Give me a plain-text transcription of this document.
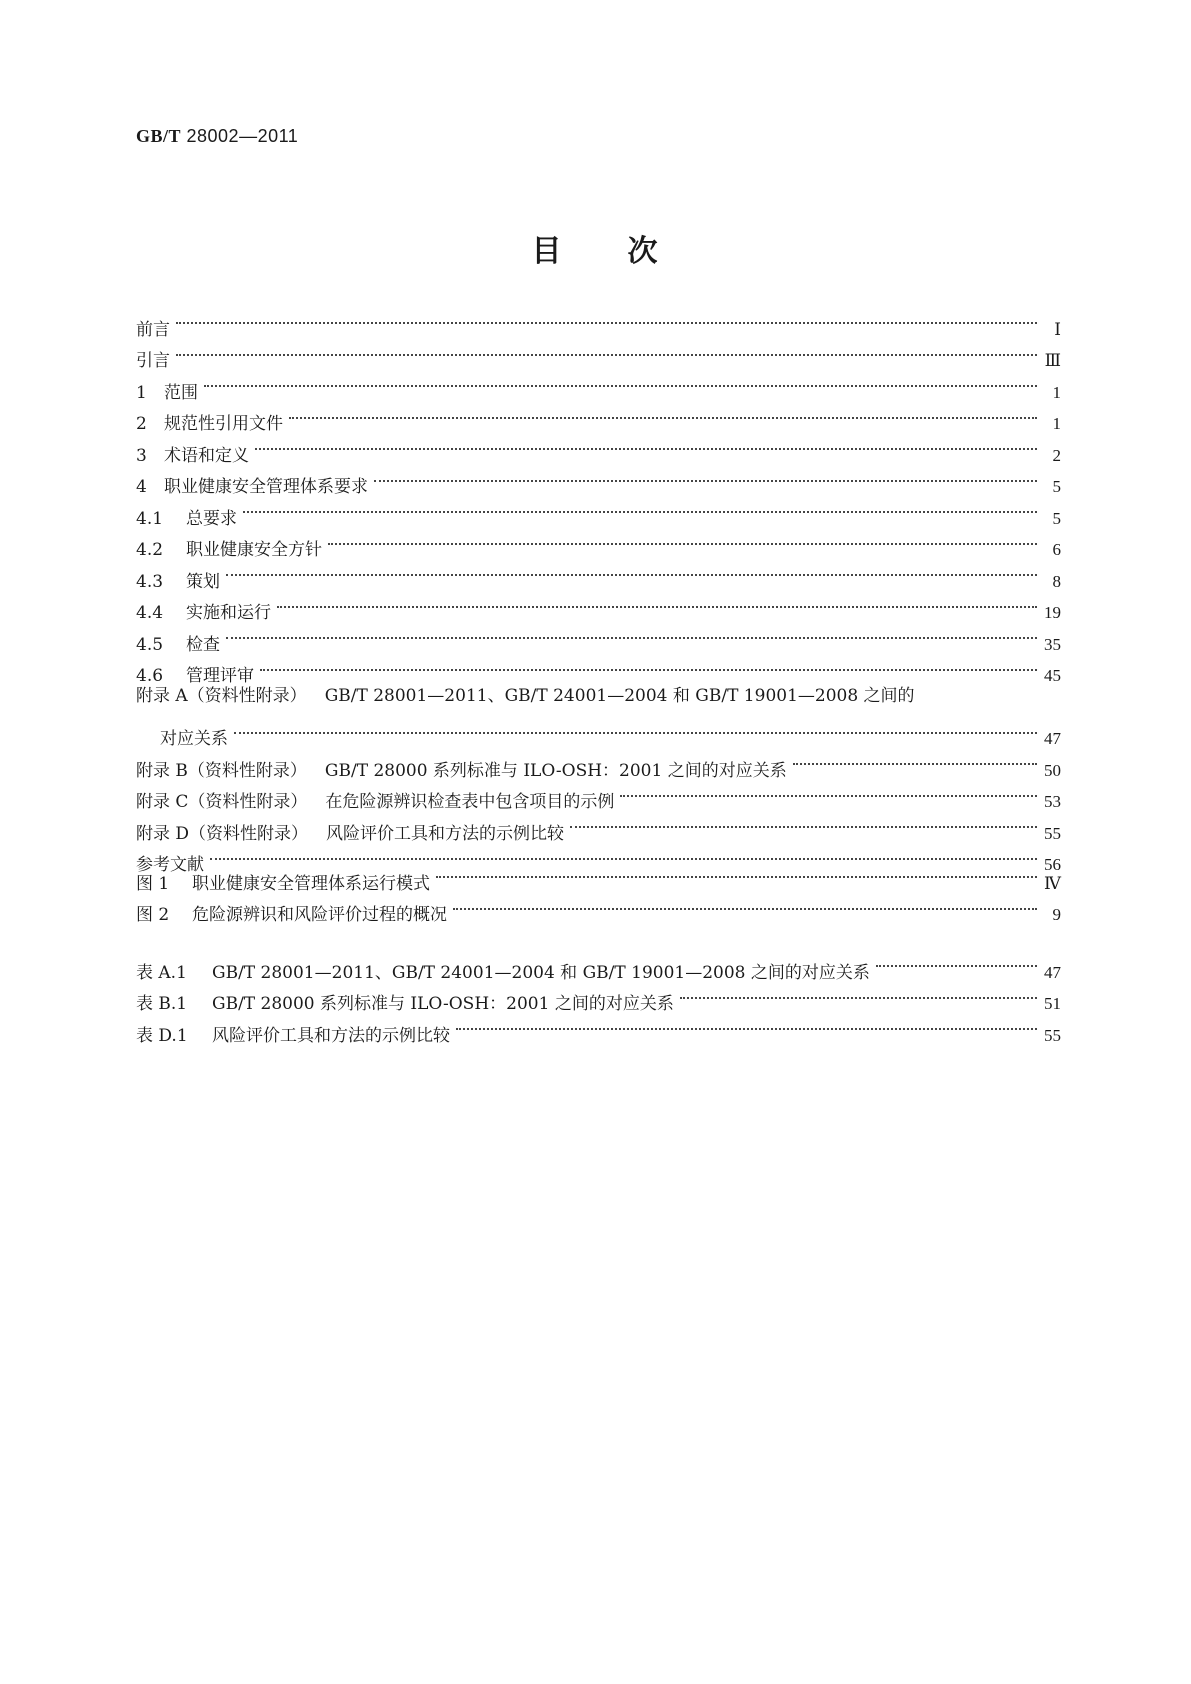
GB/T 28002—2011
目　　次
前言	Ⅰ
引言	Ⅲ
1	范围	1
2	规范性引用文件	1
3	术语和定义	2
4	职业健康安全管理体系要求	5
4.1	总要求	5
4.2	职业健康安全方针	6
4.3	策划	8
4.4	实施和运行	19
4.5	检查	35
4.6	管理评审	45
附录 A（资料性附录） GB/T 28001—2011、GB/T 24001—2004 和 GB/T 19001—2008 之间的
对应关系	47
附录 B（资料性附录） GB/T 28000 系列标准与 ILO-OSH：2001 之间的对应关系	50
附录 C（资料性附录） 在危险源辨识检查表中包含项目的示例	53
附录 D（资料性附录） 风险评价工具和方法的示例比较	55
参考文献	56
图 1	职业健康安全管理体系运行模式	Ⅳ
图 2	危险源辨识和风险评价过程的概况	9
表 A.1	GB/T 28001—2011、GB/T 24001—2004 和 GB/T 19001—2008 之间的对应关系	47
表 B.1	GB/T 28000 系列标准与 ILO-OSH：2001 之间的对应关系	51
表 D.1	风险评价工具和方法的示例比较	55
